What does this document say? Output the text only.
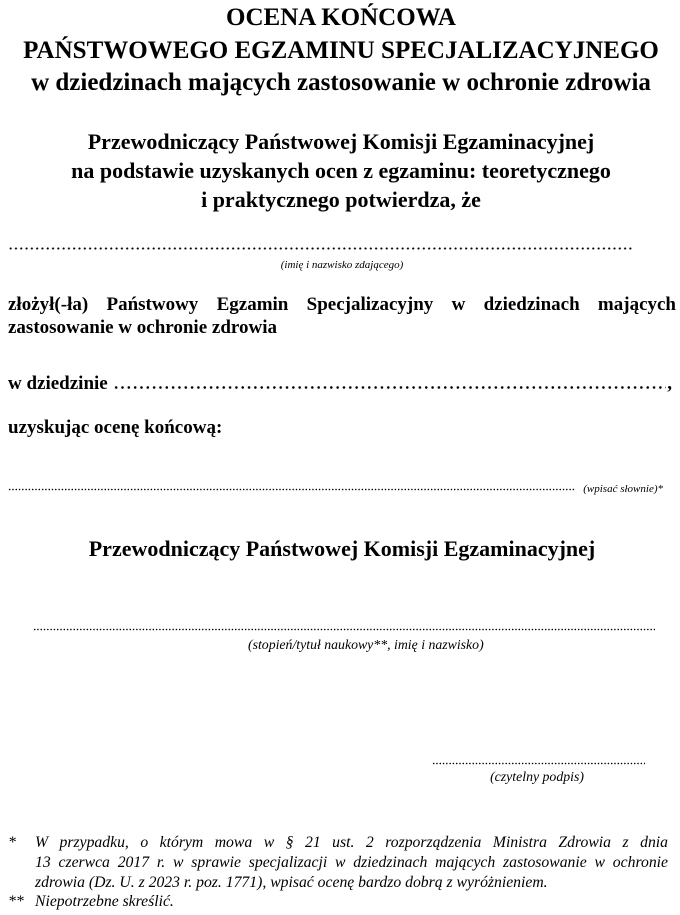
OCENA KOŃCOWA
PAŃSTWOWEGO EGZAMINU SPECJALIZACYJNEGO
w dziedzinach mających zastosowanie w ochronie zdrowia
Przewodniczący Państwowej Komisji Egzaminacyjnej
na podstawie uzyskanych ocen z egzaminu: teoretycznego
i praktycznego potwierdza, że
(imię i nazwisko zdającego)
złożył(-ła) Państwowy Egzamin Specjalizacyjny w dziedzinach mających
zastosowanie w ochronie zdrowia
w dziedzinie	,
uzyskując ocenę końcową:
(wpisać słownie)*
Przewodniczący Państwowej Komisji Egzaminacyjnej
(stopień/tytuł naukowy**, imię i nazwisko)
(czytelny podpis)
*	W przypadku, o którym mowa w § 21 ust. 2 rozporządzenia Ministra Zdrowia z dnia
13 czerwca 2017 r. w sprawie specjalizacji w dziedzinach mających zastosowanie w ochronie
zdrowia (Dz. U. z 2023 r. poz. 1771), wpisać ocenę bardzo dobrą z wyróżnieniem.
** Niepotrzebne skreślić.
